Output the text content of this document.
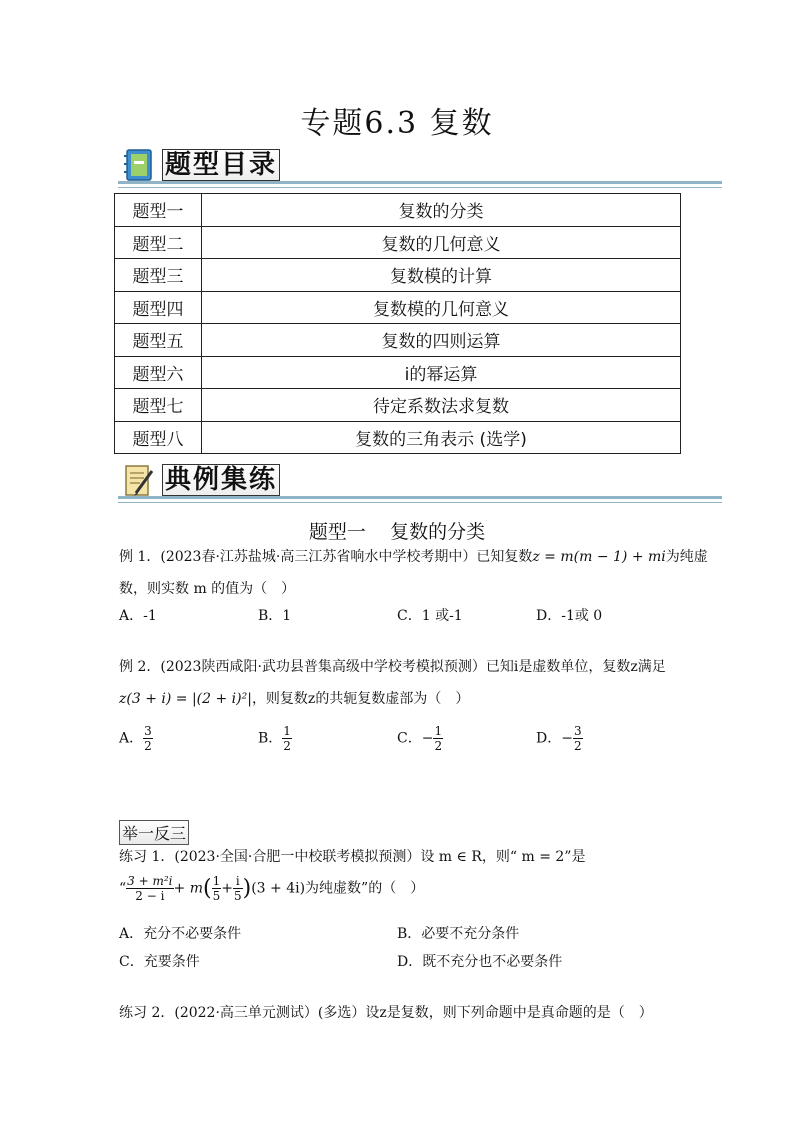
专题6.3 复数
题型目录
题型一	复数的分类
题型二	复数的几何意义
题型三	复数模的计算
题型四	复数模的几何意义
题型五	复数的四则运算
题型六	i的幂运算
题型七	待定系数法求复数
题型八	复数的三角表示 (选学)
典例集练
题型一    复数的分类
例 1．(2023春·江苏盐城·高三江苏省响水中学校考期中）已知复数z = m(m − 1) + mi为纯虚
数，则实数 m 的值为（　）
A．-1	B．1	C．1 或-1	D．-1或 0
例 2．(2023陕西咸阳·武功县普集高级中学校考模拟预测）已知i是虚数单位，复数z满足
z(3 + i) = |(2 + i)²|，则复数z的共轭复数虚部为（　）
A． $\frac{3}{2}$	B． $\frac{1}{2}$	C．− $\frac{1}{2}$	D．− $\frac{3}{2}$
举一反三
练习 1．(2023·全国·合肥一中校联考模拟预测）设 m ∈ R，则“ m = 2”是
“ $\frac{\text{3 + m²i}}{2 - i} + m( \frac{1}{5} + \frac{i}{5} )(3 + 4i)$为纯虚数”的（　）
A．充分不必要条件	B．必要不充分条件
C．充要条件	D．既不充分也不必要条件
练习 2．(2022·高三单元测试）(多选）设z是复数，则下列命题中是真命题的是（　）
